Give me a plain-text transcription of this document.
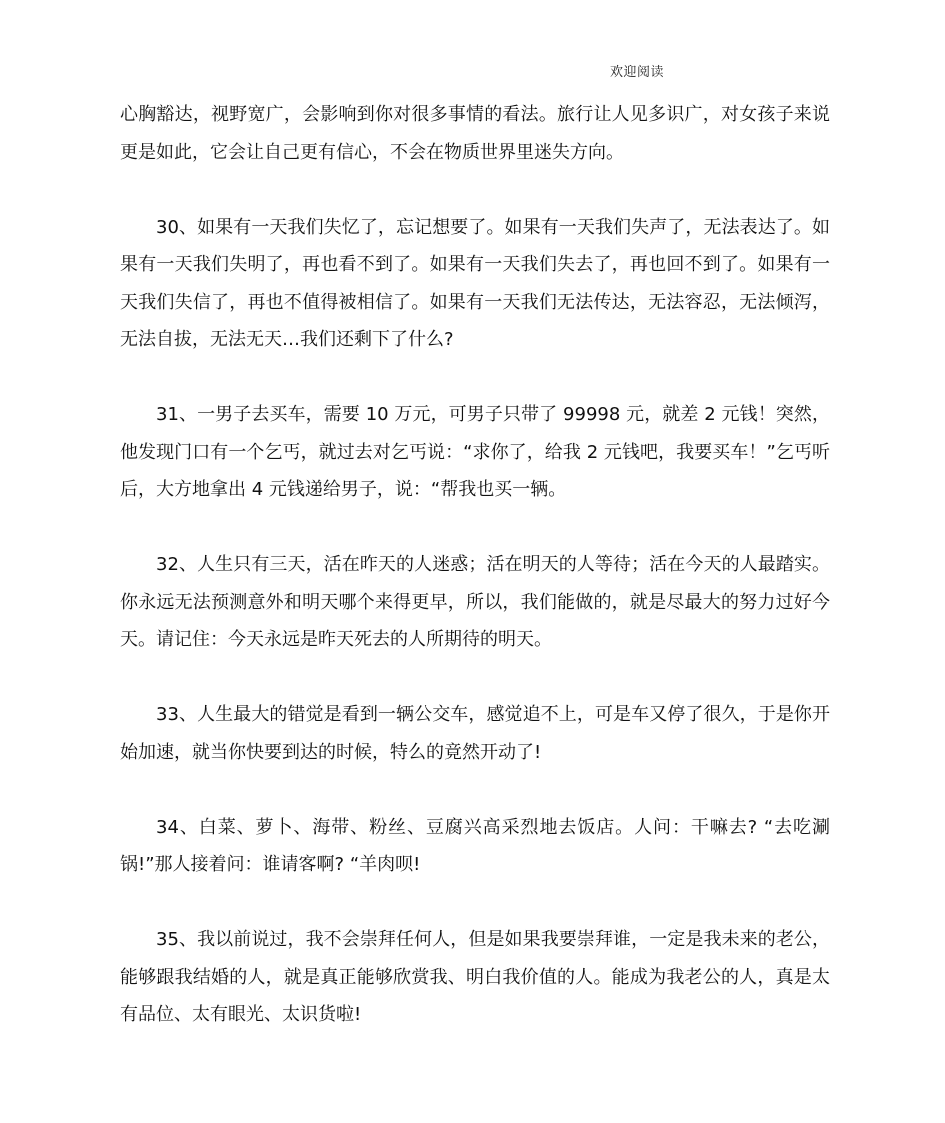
欢迎阅读

心胸豁达，视野宽广，会影响到你对很多事情的看法。旅行让人见多识广，对女孩子来说更是如此，它会让自己更有信心，不会在物质世界里迷失方向。

30、如果有一天我们失忆了，忘记想要了。如果有一天我们失声了，无法表达了。如果有一天我们失明了，再也看不到了。如果有一天我们失去了，再也回不到了。如果有一天我们失信了，再也不值得被相信了。如果有一天我们无法传达，无法容忍，无法倾泻，无法自拔，无法无天…我们还剩下了什么?

31、一男子去买车，需要 10 万元，可男子只带了 99998 元，就差 2 元钱！突然，他发现门口有一个乞丐，就过去对乞丐说：“求你了，给我 2 元钱吧，我要买车！”乞丐听后，大方地拿出 4 元钱递给男子，说：“帮我也买一辆。

32、人生只有三天，活在昨天的人迷惑；活在明天的人等待；活在今天的人最踏实。你永远无法预测意外和明天哪个来得更早，所以，我们能做的，就是尽最大的努力过好今天。请记住：今天永远是昨天死去的人所期待的明天。

33、人生最大的错觉是看到一辆公交车，感觉追不上，可是车又停了很久，于是你开始加速，就当你快要到达的时候，特么的竟然开动了!

34、白菜、萝卜、海带、粉丝、豆腐兴高采烈地去饭店。人问：干嘛去? “去吃涮锅!”那人接着问：谁请客啊? “羊肉呗!

35、我以前说过，我不会崇拜任何人，但是如果我要崇拜谁，一定是我未来的老公，能够跟我结婚的人，就是真正能够欣赏我、明白我价值的人。能成为我老公的人，真是太有品位、太有眼光、太识货啦!
